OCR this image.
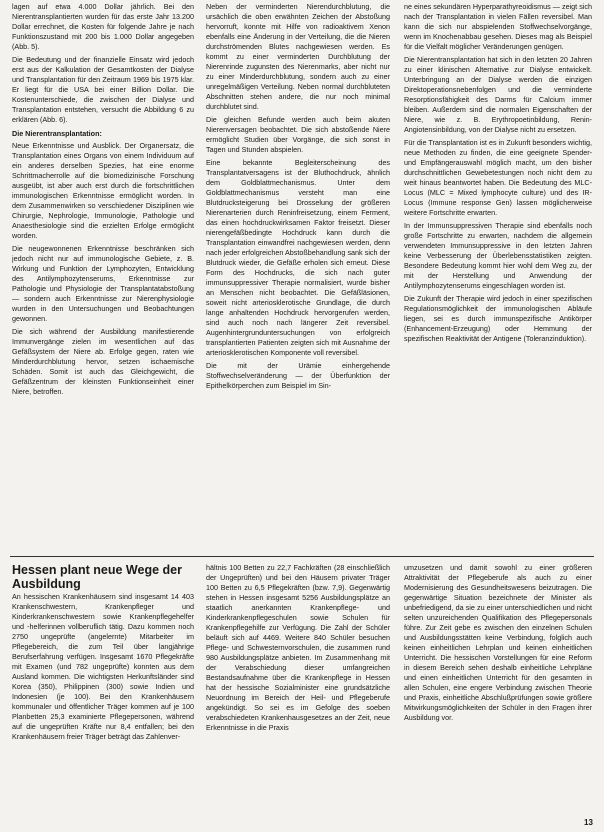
lagen auf etwa 4.000 Dollar jährlich. Bei den Nierentransplantierten wurden für das erste Jahr 13.200 Dollar errechnet, die Kosten für folgende Jahre je nach Funktionszustand mit 200 bis 1.000 Dollar angegeben (Abb. 5).

Die Bedeutung und der finanzielle Einsatz wird jedoch erst aus der Kalkulation der Gesamtkosten der Dialyse und Transplantation für den Zeitraum 1969 bis 1975 klar. Er liegt für die USA bei einer Billion Dollar. Die Kostenunterschiede, die zwischen der Dialyse und Transplantation entstehen, versucht die Abbildung 6 zu erklären (Abb. 6).

Die Nierentransplantation:

Neue Erkenntnisse und Ausblick. Der Organersatz, die Transplantation eines Organs von einem Individuum auf ein anderes derselben Spezies, hat eine enorme Schrittmacherrolle auf die biomedizinische Forschung ausgeübt, ist aber auch erst durch die fortschrittlichen immunologischen Erkenntnisse ermöglicht worden. In dem Zusammenwirken so verschiedener Disziplinen wie Chirurgie, Nephrologie, Immunologie, Pathologie und Anaesthesiologie sind die erzielten Erfolge ermöglicht worden.

Die neugewonnenen Erkenntnisse beschränken sich jedoch nicht nur auf immunologische Gebiete, z. B. Wirkung und Funktion der Lymphozyten, Entwicklung des Antilymphozytenserums, Erkenntnisse zur Pathologie und Physiologie der Transplantatabstoßung — sondern auch Erkenntnisse zur Nierenphysiologie wurden in den Untersuchungen und Beobachtungen gewonnen.

Die sich während der Ausbildung manifestierende Immunvergänge zielen im wesentlichen auf das Gefäßsystem der Niere ab. Erfolge gegen, raten wie Minderdurchblutung hervor, setzen ischaemische Schäden. Somit ist auch das Gleichgewicht, die Gefäßzentrum der kleinsten Funktionseinheit einer Niere, betroffen.

Neben der verminderten Nierendurchblutung, die ursächlich die oben erwähnten Zeichen der Abstoßung hervorruft, konnte mit Hilfe von radioaktivem Xenon ebenfalls eine Änderung in der Verteilung, die die Nieren durchströmenden Blutes nachgewiesen werden. Es kommt zu einer verminderten Durchblutung der Nierenrinde zugunsten des Nierenmarks, aber nicht nur zu einer Minderdurchblutung, sondern auch zu einer unregelmäßigen Verteilung. Neben normal durchbluteten Abschnitten stehen andere, die nur noch minimal durchblutet sind.

Die gleichen Befunde werden auch beim akuten Nierenversagen beobachtet. Die sich abstoßende Niere ermöglicht Studien über Vorgänge, die sich sonst in Tagen und Stunden abspielen.

Eine bekannte Begleiterscheinung des Transplantatversagens ist der Bluthochdruck, ähnlich dem Goldblattmechanismus. Unter dem Goldblattmechanismus versteht man eine Blutdrucksteigerung bei Drosselung der größeren Nierenarterien durch Reninfreisetzung, einem Ferment, das einen hochdruckwirksamen Faktor freisetzt. Dieser nierengefäßbedingte Hochdruck kann durch die Transplantation einwandfrei nachgewiesen werden, denn nach jeder erfolgreichen Abstoßbehandlung sank sich der Blutdruck wieder, die Gefäße erholen sich erneut. Diese Form des Hochdrucks, die sich nach guter immunsuppressiver Therapie normalisiert, wurde bisher an Menschen nicht beobachtet. Die Gefäßläsionen, soweit nicht arteriosklerotische Grundlage, die durch lange anhaltenden Hochdruck hervorgerufen werden, sind auch noch nach längerer Zeit reversibel. Augenhintergrunduntersuchungen von erfolgreich transplantierten Patienten zeigten sich mit Ausnahme der arteriosklerotischen Komponente voll reversibel.

Die mit der Urämie einhergehende Stoffwechselveränderung — der Überfunktion der Epithelkörperchen zum Beispiel im Sin-

ne eines sekundären Hyperparathyreoidismus — zeigt sich nach der Transplantation in vielen Fällen reversibel. Man kann die sich nur abspielenden Stoffwechselvorgänge, wenn im Knochenabbau gesehen. Dieses mag als Beispiel für die Vielfalt möglicher Veränderungen genügen.

Die Nierentransplantation hat sich in den letzten 20 Jahren zu einer klinischen Alternative zur Dialyse entwickelt. Unterbringung an der Dialyse werden die einzigen Direktoperationsnebenfolgen und die verminderte Resorptionsfähigkeit des Darms für Calcium immer bleiben. Außerdem sind die normalen Eigenschaften der Niere, wie z. B. Erythropoetinbildung, Renin-Angiotensinbildung, von der Dialyse nicht zu ersetzen.

Für die Transplantation ist es in Zukunft besonders wichtig, neue Methoden zu finden, die eine geeignete Spender- und Empfängerauswahl möglich macht, um den bisher durchschnittlichen Gewebetestungen noch nicht dem zu weit hinaus beantwortet haben. Die Bedeutung des MLC-Locus (MLC = Mixed lymphocyte culture) und des IR-Locus (Immune response Gen) lassen möglicherweise weitere Fortschritte erwarten.

In der Immunsuppressiven Therapie sind ebenfalls noch große Fortschritte zu erwarten, nachdem die allgemein verwendeten Immunsuppressive in den letzten Jahren keine Verbesserung der Überlebensstatistiken zeigten. Besondere Bedeutung kommt hier wohl dem Weg zu, der mit der Herstellung und Anwendung der Antilymphozytenserums eingeschlagen worden ist.

Die Zukunft der Therapie wird jedoch in einer spezifischen Regulationsmöglichkeit der immunologischen Abläufe liegen, sei es durch immunspezifische Antikörper (Enhancement-Erzeugung) oder Hemmung der spezifischen Reaktivität der Antigene (Toleranzinduktion).

Hessen plant neue Wege der Ausbildung

An hessischen Krankenhäusern sind insgesamt 14 403 Krankenschwestern, Krankenpfleger und Kinderkrankenschwestern sowie Krankenpflegehelfer und -helferinnen vollberuflich tätig. Dazu kommen noch 2750 ungeprüfte (angelernte) Mitarbeiter im Pflegebereich, die zum Teil über langjährige Berufserfahrung verfügen. Insgesamt 1670 Pflegekräfte mit Examen (und 782 ungeprüfte) konnten aus dem Ausland kommen. Die wichtigsten Herkunftsländer sind Korea (350), Philippinen (300) sowie Indien und Indonesien (je 100). Bei den Krankenhäusern kommunaler und öffentlicher Träger kommen auf je 100 Planbetten 25,3 examinierte Pflegepersonen, während auf die ungeprüften Kräfte nur 8,4 entfallen; bei den Krankenhäusern freier Träger beträgt das Zahlenver-

hältnis 100 Betten zu 22,7 Fachkräften (28 einschließlich der Ungeprüften) und bei den Häusern privater Träger 100 Betten zu 6,5 Pflegekräften (bzw. 7,9). Gegenwärtig stehen in Hessen insgesamt 5256 Ausbildungsplätze an staatlich anerkannten Krankenpflege- und Kinderkrankenpflegeschulen sowie Schulen für Krankenpflegehilfe zur Verfügung. Die Zahl der Schüler beläuft sich auf 4469. Weitere 840 Schüler besuchen Pflege- und Schwesternvorschulen, die zusammen rund 980 Ausbildungsplätze anbieten. Im Zusammenhang mit der Verabschiedung dieser umfangreichen Bestandsaufnahme über die Krankenpflege in Hessen hat der hessische Sozialminister eine grundsätzliche Neuordnung im Bereich der Heil- und Pflegeberufe angekündigt. So sei es im Gefolge des soeben verabschiedeten Krankenhausgesetzes an der Zeit, neue Erkenntnisse in die Praxis

umzusetzen und damit sowohl zu einer größeren Attraktivität der Pflegeberufe als auch zu einer Modernisierung des Gesundheitswesens beizutragen. Die gegenwärtige Situation bezeichnete der Minister als unbefriedigend, da sie zu einer unterschiedlichen und nicht selten unzureichenden Qualifikation des Pflegepersonals führe. Zur Zeit gebe es zwischen den einzelnen Schulen und Ausbildungsstätten keine Verbindung, folglich auch keinen einheitlichen Lehrplan und keinen einheitlichen Unterricht. Die hessischen Vorstellungen für eine Reform in diesem Bereich sehen deshalb einheitliche Lehrpläne und einen einheitlichen Unterricht für den gesamten in allen Schulen, eine engere Verbindung zwischen Theorie und Praxis, einheitliche Abschlußprüfungen sowie größere Mitwirkungsmöglichkeiten der Schüler in den Fragen ihrer Ausbildung vor.

13
